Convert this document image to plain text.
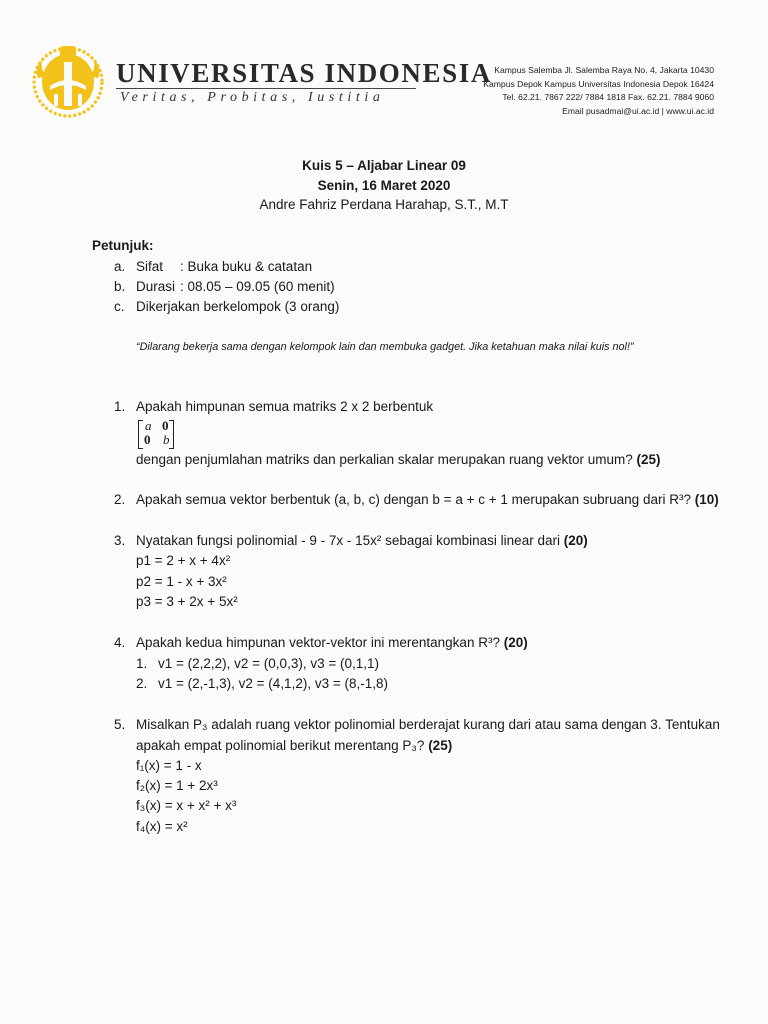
UNIVERSITAS INDONESIA
Veritas, Probitas, Iustitia
Kampus Salemba Jl. Salemba Raya No. 4, Jakarta 10430
Kampus Depok Kampus Universitas Indonesia Depok 16424
Tel. 62.21. 7867 222/ 7884 1818 Fax. 62.21. 7884 9060
Email pusadmai@ui.ac.id | www.ui.ac.id
Kuis 5 – Aljabar Linear 09
Senin, 16 Maret 2020
Andre Fahriz Perdana Harahap, S.T., M.T
Petunjuk:
a. Sifat : Buka buku & catatan
b. Durasi : 08.05 – 09.05 (60 menit)
c. Dikerjakan berkelompok (3 orang)
“Dilarang bekerja sama dengan kelompok lain dan membuka gadget. Jika ketahuan maka nilai kuis nol!”
1. Apakah himpunan semua matriks 2 x 2 berbentuk
a 0
0 b
dengan penjumlahan matriks dan perkalian skalar merupakan ruang vektor umum? (25)
2. Apakah semua vektor berbentuk (a, b, c) dengan b = a + c + 1 merupakan subruang dari R³? (10)
3. Nyatakan fungsi polinomial - 9 - 7x - 15x² sebagai kombinasi linear dari (20)
p1 = 2 + x + 4x²
p2 = 1 - x + 3x²
p3 = 3 + 2x + 5x²
4. Apakah kedua himpunan vektor-vektor ini merentangkan R³? (20)
1. v1 = (2,2,2), v2 = (0,0,3), v3 = (0,1,1)
2. v1 = (2,-1,3), v2 = (4,1,2), v3 = (8,-1,8)
5. Misalkan P₃ adalah ruang vektor polinomial berderajat kurang dari atau sama dengan 3. Tentukan
apakah empat polinomial berikut merentang P₃? (25)
f₁(x) = 1 - x
f₂(x) = 1 + 2x³
f₃(x) = x + x² + x³
f₄(x) = x²
